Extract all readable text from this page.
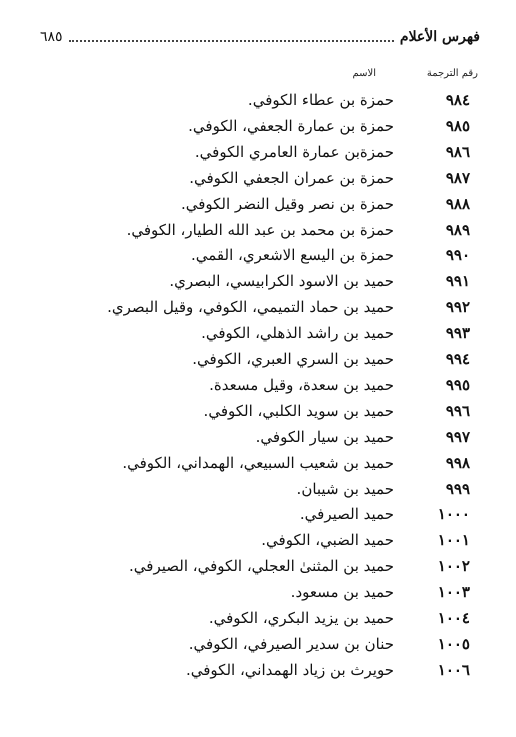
فهرس الأعلام
٦٨٥
رقم الترجمة
الاسم
٩٨٤
حمزة بن عطاء الكوفي.
٩٨٥
حمزة بن عمارة الجعفي، الكوفي.
٩٨٦
حمزةبن عمارة العامري الكوفي.
٩٨٧
حمزة بن عمران الجعفي الكوفي.
٩٨٨
حمزة بن نصر وقيل النضر الكوفي.
٩٨٩
حمزة بن محمد بن عبد الله الطيار، الكوفي.
٩٩٠
حمزة بن اليسع الاشعري، القمي.
٩٩١
حميد بن الاسود الكرابيسي، البصري.
٩٩٢
حميد بن حماد التميمي، الكوفي، وقيل البصري.
٩٩٣
حميد بن راشد الذهلي، الكوفي.
٩٩٤
حميد بن السري العبري، الكوفي.
٩٩٥
حميد بن سعدة، وقيل مسعدة.
٩٩٦
حميد بن سويد الكلبي، الكوفي.
٩٩٧
حميد بن سيار الكوفي.
٩٩٨
حميد بن شعيب السبيعي، الهمداني، الكوفي.
٩٩٩
حميد بن شيبان.
١٠٠٠
حميد الصيرفي.
١٠٠١
حميد الضبي، الكوفي.
١٠٠٢
حميد بن المثنىٰ العجلي، الكوفي، الصيرفي.
١٠٠٣
حميد بن مسعود.
١٠٠٤
حميد بن يزيد البكري، الكوفي.
١٠٠٥
حنان بن سدير الصيرفي، الكوفي.
١٠٠٦
حويرث بن زياد الهمداني، الكوفي.
